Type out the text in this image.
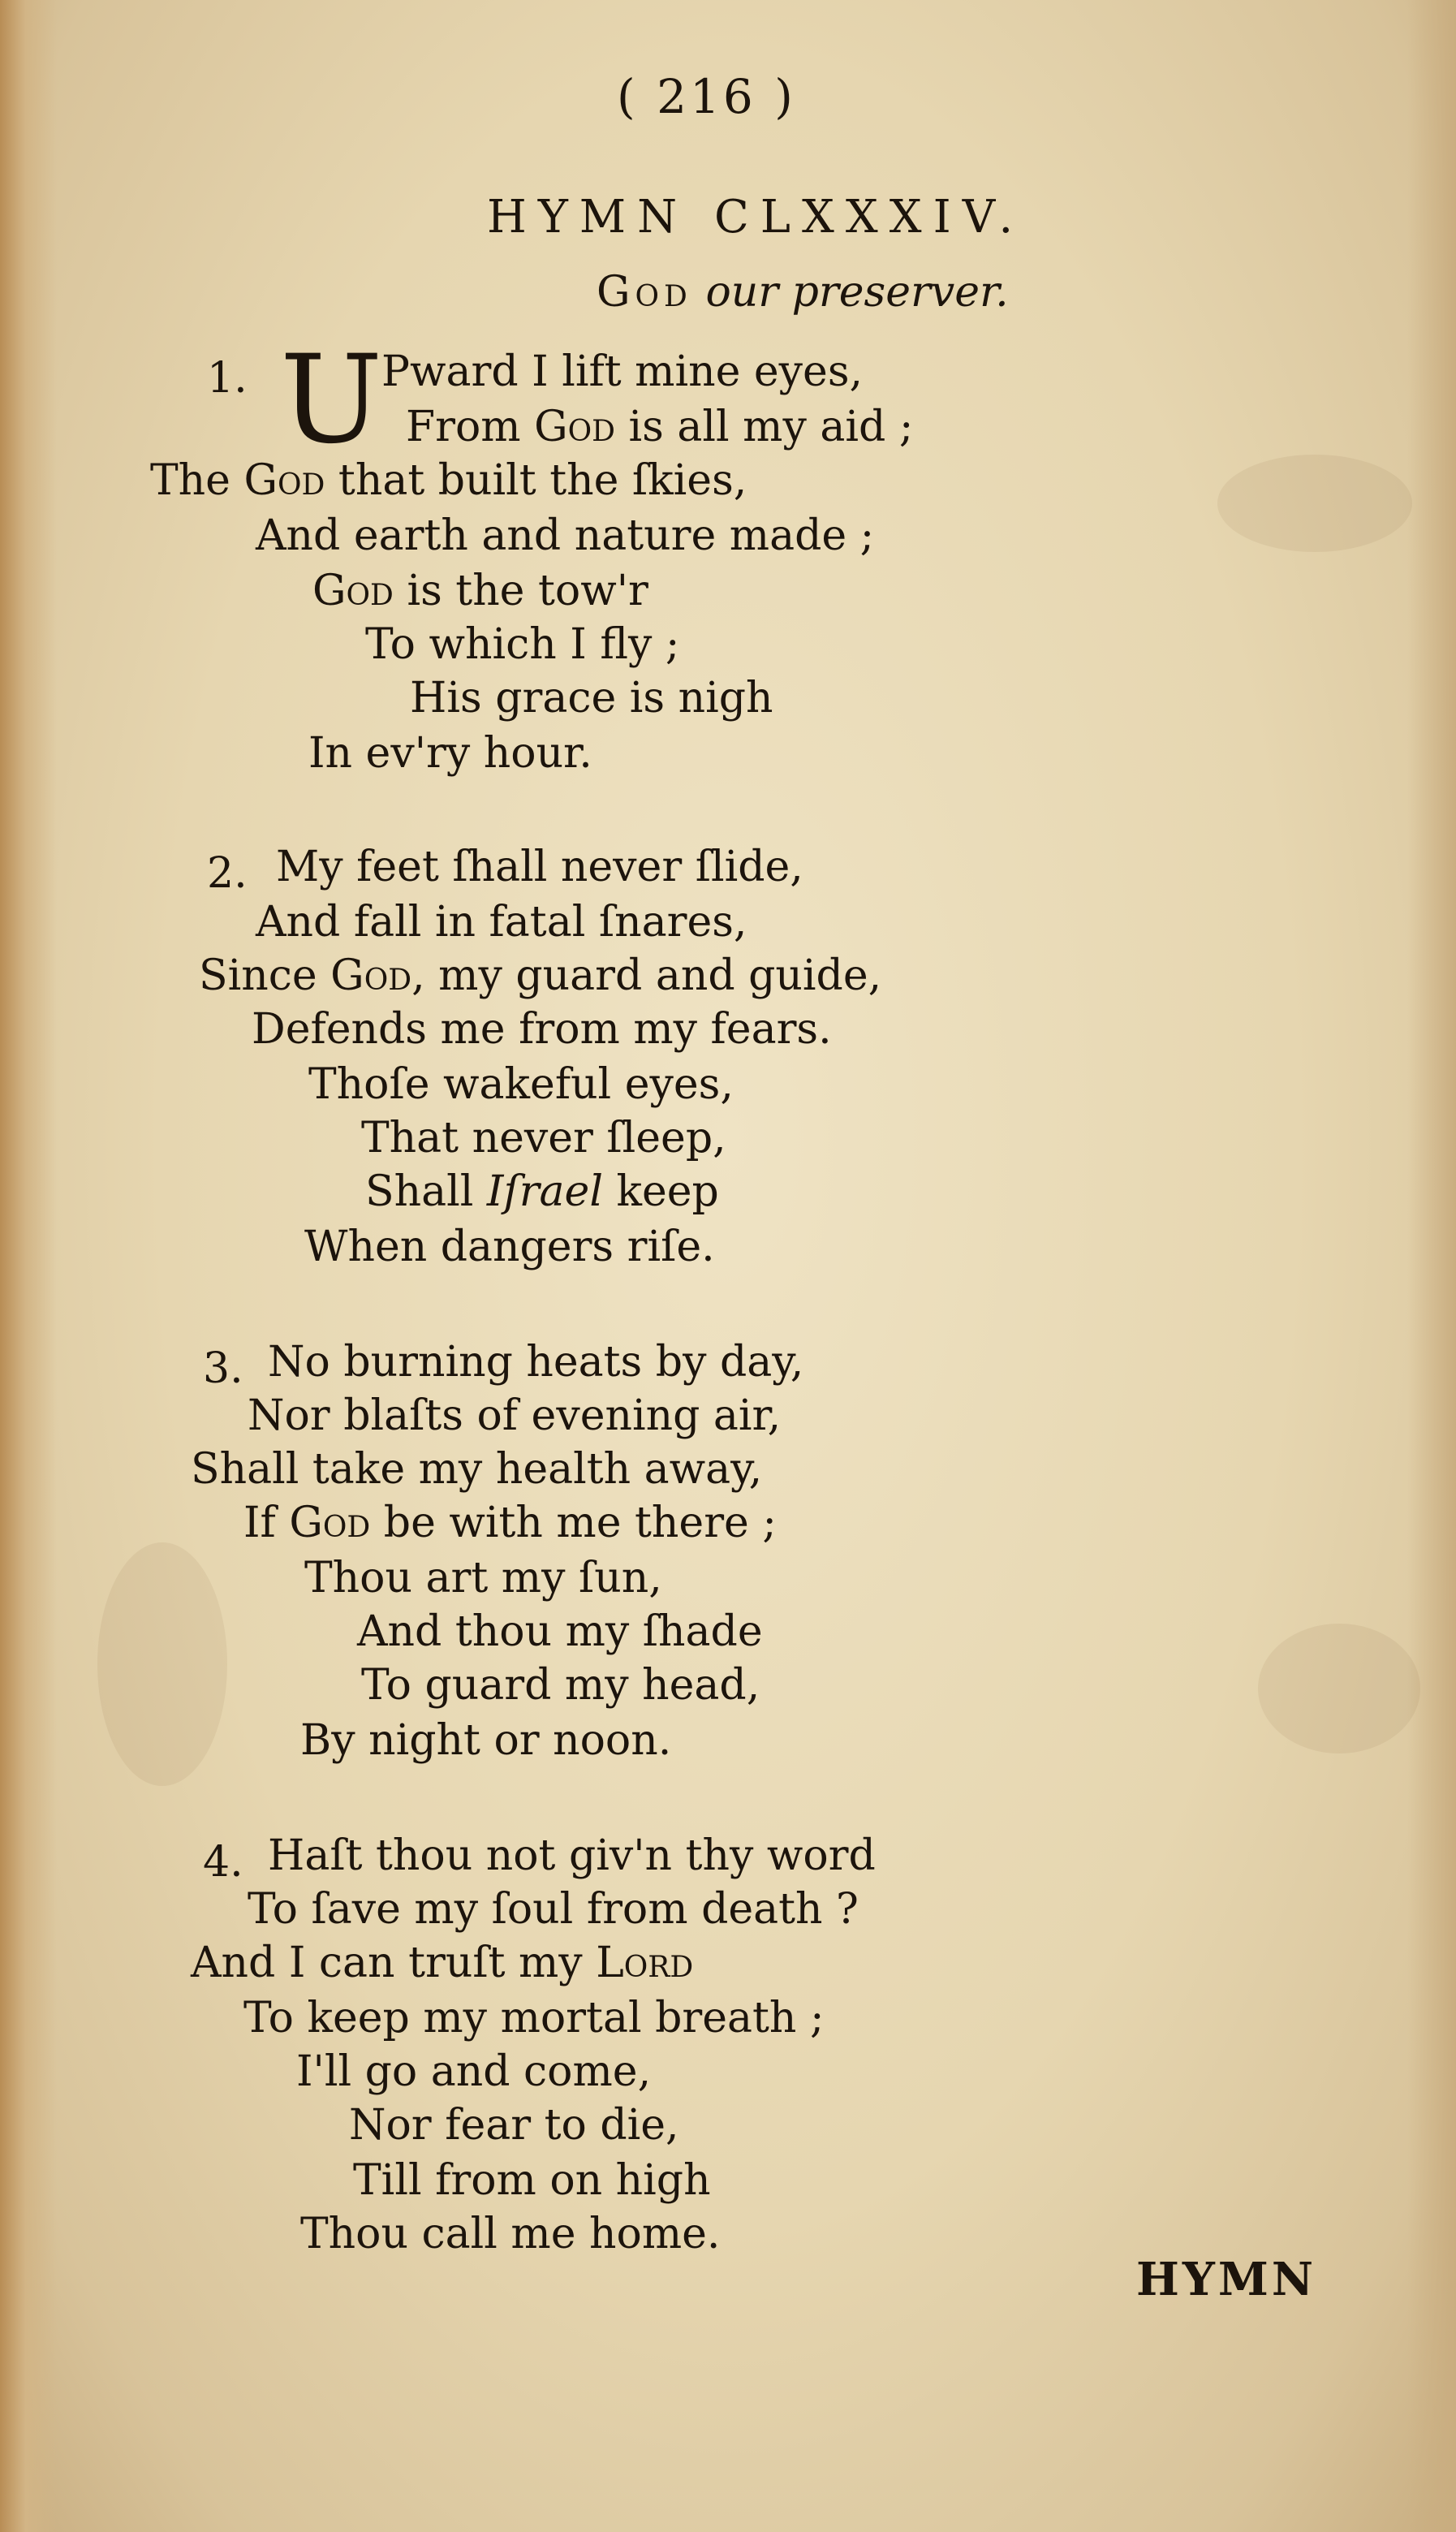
( 216 )
HYMN CLXXXIV.
God our preserver.
1. U
Pward I lift mine eyes,
From God is all my aid ;
The God that built the ſkies,
And earth and nature made ;
God is the tow'r
To which I fly ;
His grace is nigh
In ev'ry hour.
2. My feet ſhall never ſlide,
And fall in fatal ſnares,
Since God, my guard and guide,
Defends me from my fears.
Thoſe wakeful eyes,
That never ſleep,
Shall Iſrael keep
When dangers riſe.
3. No burning heats by day,
Nor blaſts of evening air,
Shall take my health away,
If God be with me there ;
Thou art my ſun,
And thou my ſhade
To guard my head,
By night or noon.
4. Haſt thou not giv'n thy word
To ſave my ſoul from death ?
And I can truſt my Lord
To keep my mortal breath ;
I'll go and come,
Nor fear to die,
Till from on high
Thou call me home.
HYMN
